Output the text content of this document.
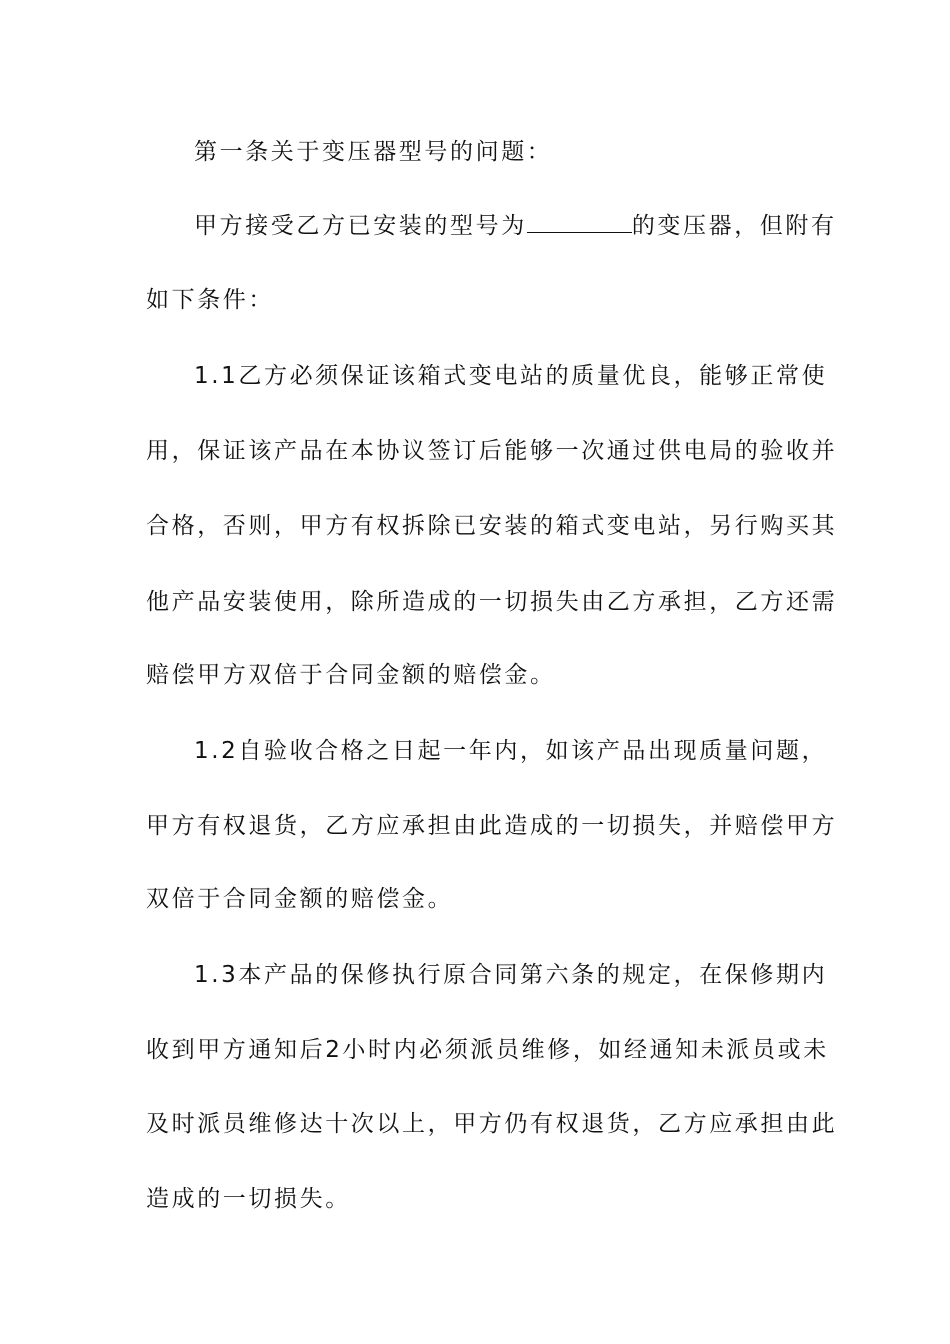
第一条关于变压器型号的问题：
甲方接受乙方已安装的型号为	的变压器，但附有
如下条件：
1.1乙方必须保证该箱式变电站的质量优良，能够正常使
用，保证该产品在本协议签订后能够一次通过供电局的验收并
合格，否则，甲方有权拆除已安装的箱式变电站，另行购买其
他产品安装使用，除所造成的一切损失由乙方承担，乙方还需
赔偿甲方双倍于合同金额的赔偿金。
1.2自验收合格之日起一年内，如该产品出现质量问题，
甲方有权退货，乙方应承担由此造成的一切损失，并赔偿甲方
双倍于合同金额的赔偿金。
1.3本产品的保修执行原合同第六条的规定，在保修期内
收到甲方通知后2小时内必须派员维修，如经通知未派员或未
及时派员维修达十次以上，甲方仍有权退货，乙方应承担由此
造成的一切损失。
